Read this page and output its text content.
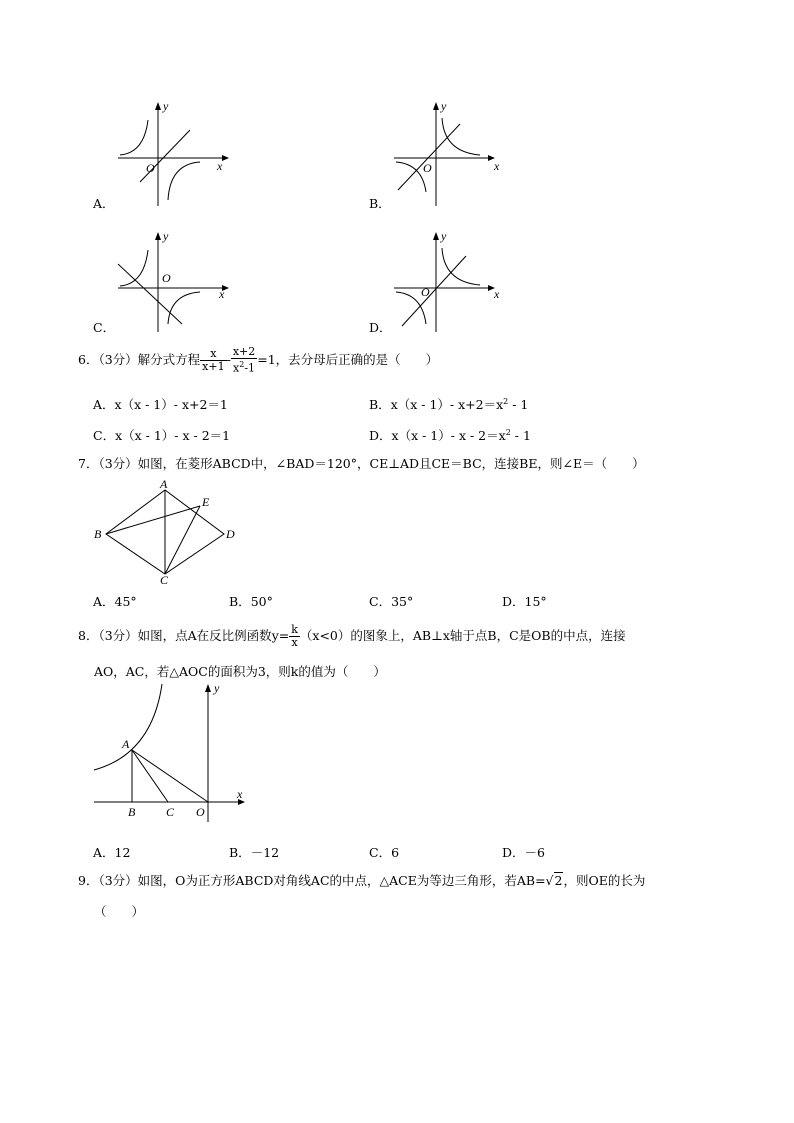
O	x
y
A．
O	x
y
B．
O
x
y
C．
O	x
y
D．
6．（3分）解分式方程 $\frac{x}{x+1} - \frac{x+2}{x^2-1} =1$，去分母后正确的是（　　）
A．x（x - 1）- x+2＝1	B．x（x - 1）- $x+2=x^2 - 1$
C．x（x - 1）- x - 2＝1	D．x（x - 1）- $x - 2=x^2 - 1$
7．（3分）如图，在菱形ABCD中，∠BAD＝120°，CE⊥AD且CE＝BC，连接BE，则∠E＝（　　）
A
B
C
D
E
A．45°	B．50°	C．35°	D．15°
8．（3分）如图，点A在反比例函数$y= \frac{k}{x} (x<0)$的图象上，AB⊥x轴于点B，C是OB的中点，连接
AO，AC，若△AOC的面积为3，则k的值为（　　）
A
B	C O
x
y
A．12	B．－12	C．6	D．－6
9．（3分）如图，O为正方形ABCD对角线AC的中点，△ACE为等边三角形，若AB=√2，则OE的长为
（　　）
